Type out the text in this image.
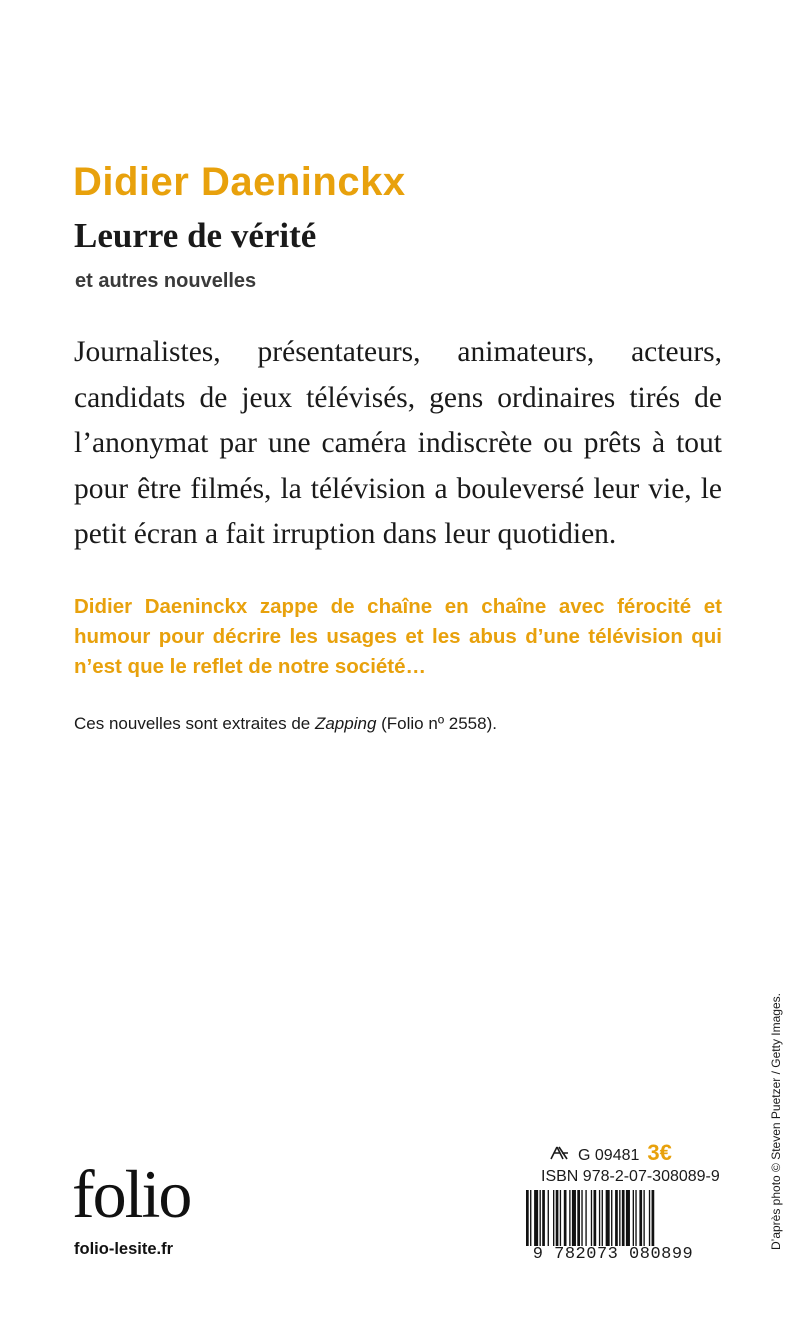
Didier Daeninckx
Leurre de vérité
et autres nouvelles

Journalistes, présentateurs, animateurs, acteurs, candidats de jeux télévisés, gens ordinaires tirés de l’anonymat par une caméra indiscrète ou prêts à tout pour être filmés, la télévision a bouleversé leur vie, le petit écran a fait irruption dans leur quotidien.

Didier Daeninckx zappe de chaîne en chaîne avec férocité et humour pour décrire les usages et les abus d’une télévision qui n’est que le reflet de notre société…

Ces nouvelles sont extraites de Zapping (Folio nº 2558).

folio
folio-lesite.fr
G 09481 3€
ISBN 978-2-07-308089-9
9 782073 080899
D’après photo © Steven Puetzer / Getty Images.
